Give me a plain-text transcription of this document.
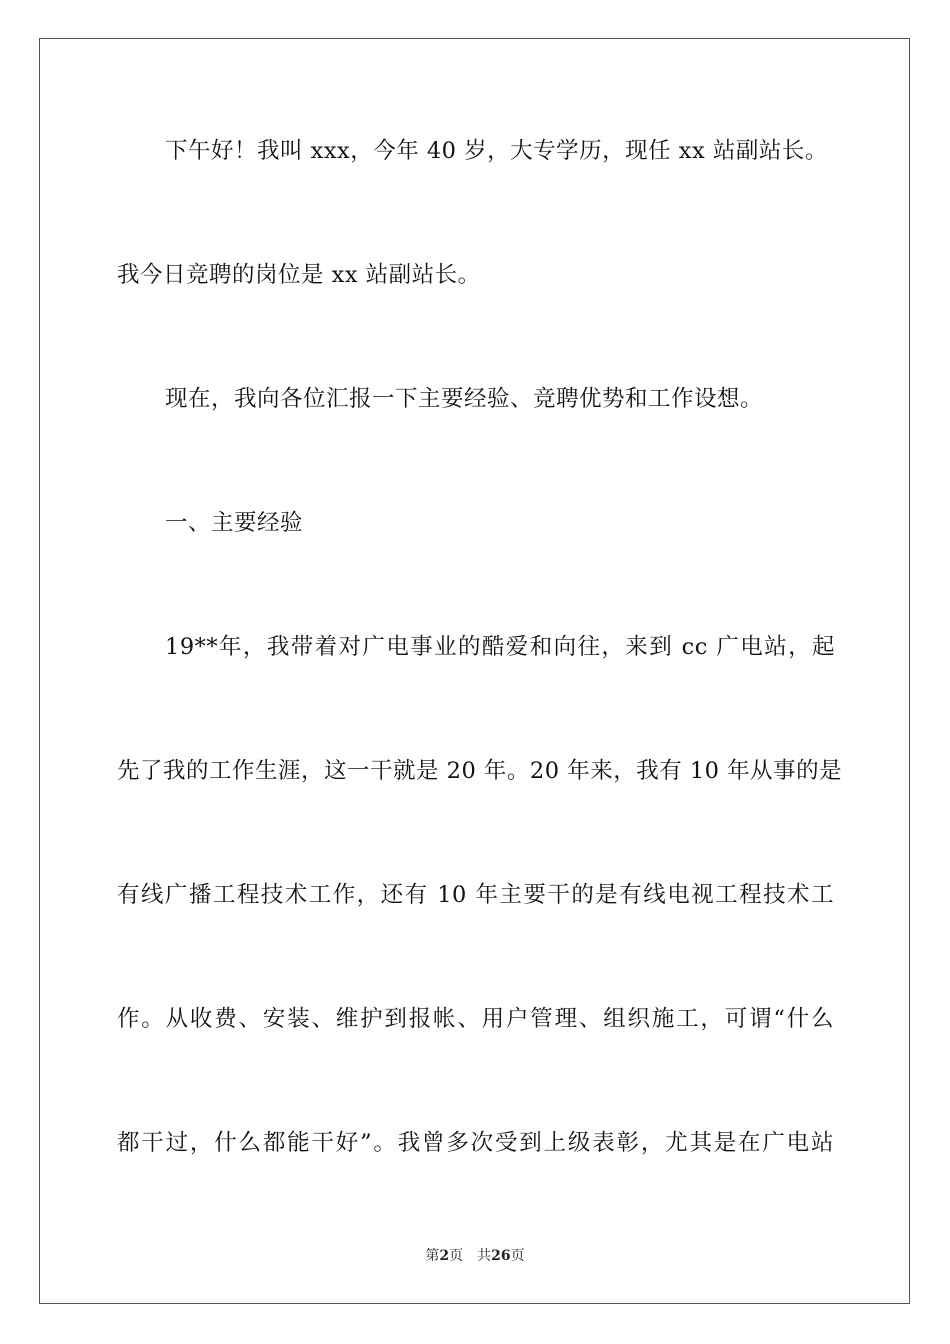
下午好！我叫 xxx，今年 40 岁，大专学历，现任 xx 站副站长。
我今日竞聘的岗位是 xx 站副站长。
现在，我向各位汇报一下主要经验、竞聘优势和工作设想。
一、主要经验
19**年，我带着对广电事业的酷爱和向往，来到 cc 广电站，起
先了我的工作生涯，这一干就是 20 年。20 年来，我有 10 年从事的是
有线广播工程技术工作，还有 10 年主要干的是有线电视工程技术工
作。从收费、安装、维护到报帐、用户管理、组织施工，可谓“什么
都干过，什么都能干好”。我曾多次受到上级表彰，尤其是在广电站
第2页 共26页
